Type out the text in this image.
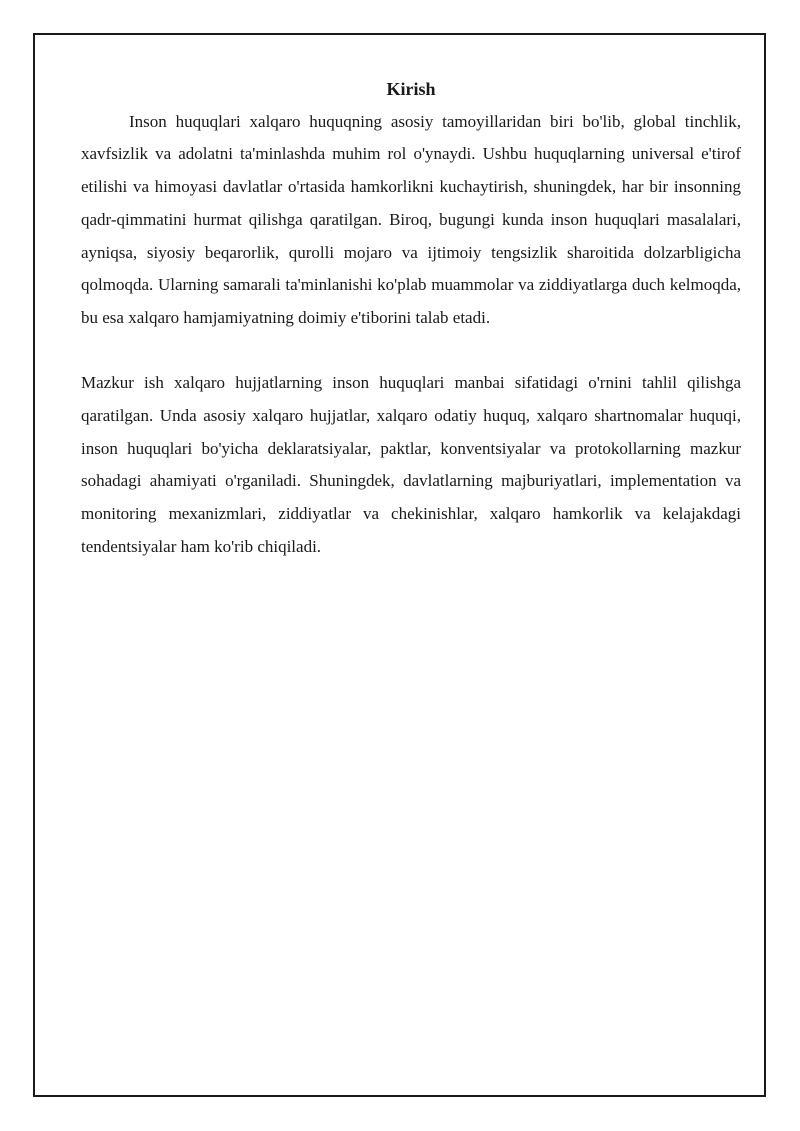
Kirish

Inson huquqlari xalqaro huquqning asosiy tamoyillaridan biri bo'lib, global tinchlik, xavfsizlik va adolatni ta'minlashda muhim rol o'ynaydi. Ushbu huquqlarning universal e'tirof etilishi va himoyasi davlatlar o'rtasida hamkorlikni kuchaytirish, shuningdek, har bir insonning qadr-qimmatini hurmat qilishga qaratilgan. Biroq, bugungi kunda inson huquqlari masalalari, ayniqsa, siyosiy beqarorlik, qurolli mojaro va ijtimoiy tengsizlik sharoitida dolzarbligicha qolmoqda. Ularning samarali ta'minlanishi ko'plab muammolar va ziddiyatlarga duch kelmoqda, bu esa xalqaro hamjamiyatning doimiy e'tiborini talab etadi.

Mazkur ish xalqaro hujjatlarning inson huquqlari manbai sifatidagi o'rnini tahlil qilishga qaratilgan. Unda asosiy xalqaro hujjatlar, xalqaro odatiy huquq, xalqaro shartnomalar huquqi, inson huquqlari bo'yicha deklaratsiyalar, paktlar, konventsiyalar va protokollarning mazkur sohadagi ahamiyati o'rganiladi. Shuningdek, davlatlarning majburiyatlari, implementation va monitoring mexanizmlari, ziddiyatlar va chekinishlar, xalqaro hamkorlik va kelajakdagi tendentsiyalar ham ko'rib chiqiladi.
